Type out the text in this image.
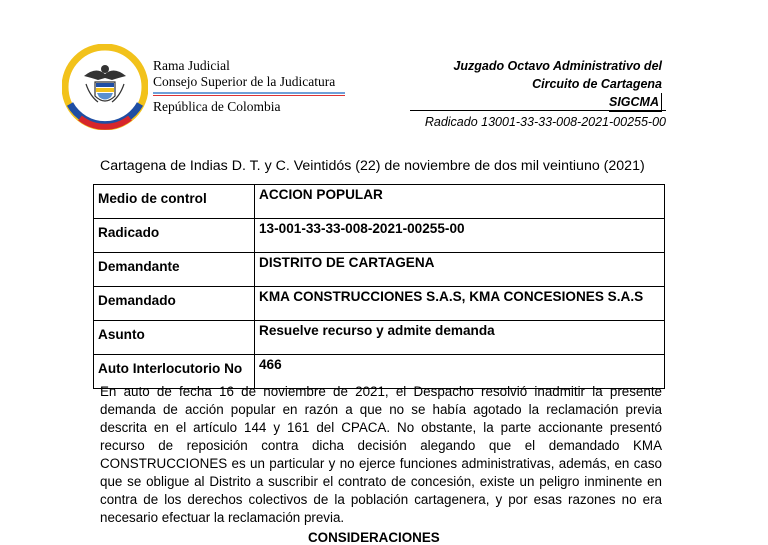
Rama Judicial
Consejo Superior de la Judicatura
República de Colombia
Juzgado Octavo Administrativo del
Circuito de Cartagena
SIGCMA
Radicado 13001-33-33-008-2021-00255-00
Cartagena de Indias D. T. y C. Veintidós (22) de noviembre de dos mil veintiuno (2021)
Medio de control	ACCION POPULAR
Radicado	13-001-33-33-008-2021-00255-00
Demandante	DISTRITO DE CARTAGENA
Demandado	KMA CONSTRUCCIONES S.A.S, KMA CONCESIONES S.A.S
Asunto	Resuelve recurso y admite demanda
Auto Interlocutorio No	466
En auto de fecha 16 de noviembre de 2021, el Despacho resolvió inadmitir la presente demanda de acción popular en razón a que no se había agotado la reclamación previa descrita en el artículo 144 y 161 del CPACA. No obstante, la parte accionante presentó recurso de reposición contra dicha decisión alegando que el demandado KMA CONSTRUCCIONES es un particular y no ejerce funciones administrativas, además, en caso que se obligue al Distrito a suscribir el contrato de concesión, existe un peligro inminente en contra de los derechos colectivos de la población cartagenera, y por esas razones no era necesario efectuar la reclamación previa.
CONSIDERACIONES
